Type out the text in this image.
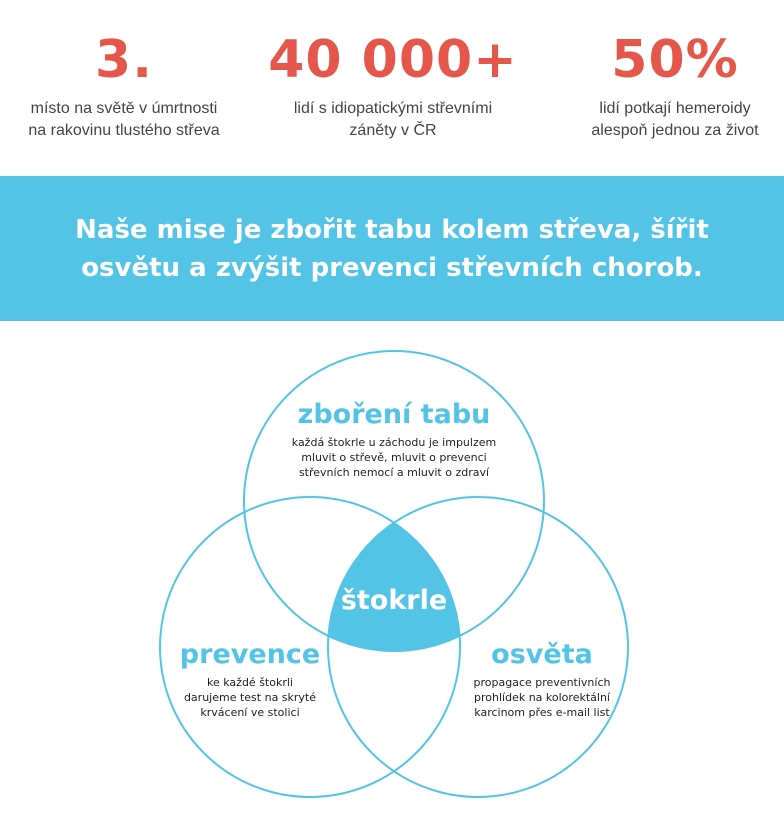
3.
místo na světě v úmrtnosti
na rakovinu tlustého střeva
40 000+
lidí s idiopatickými střevními
záněty v ČR
50%
lidí potkají hemeroidy
alespoň jednou za život
Naše mise je zbořit tabu kolem střeva, šířit
osvětu a zvýšit prevenci střevních chorob.
zboření tabu
každá štokrle u záchodu je impulzem
mluvit o střevě, mluvit o prevenci
střevních nemocí a mluvit o zdraví
prevence
ke každé štokrli
darujeme test na skryté
krvácení ve stolici
osvěta
propagace preventivních
prohlídek na kolorektální
karcinom přes e-mail list
štokrle
